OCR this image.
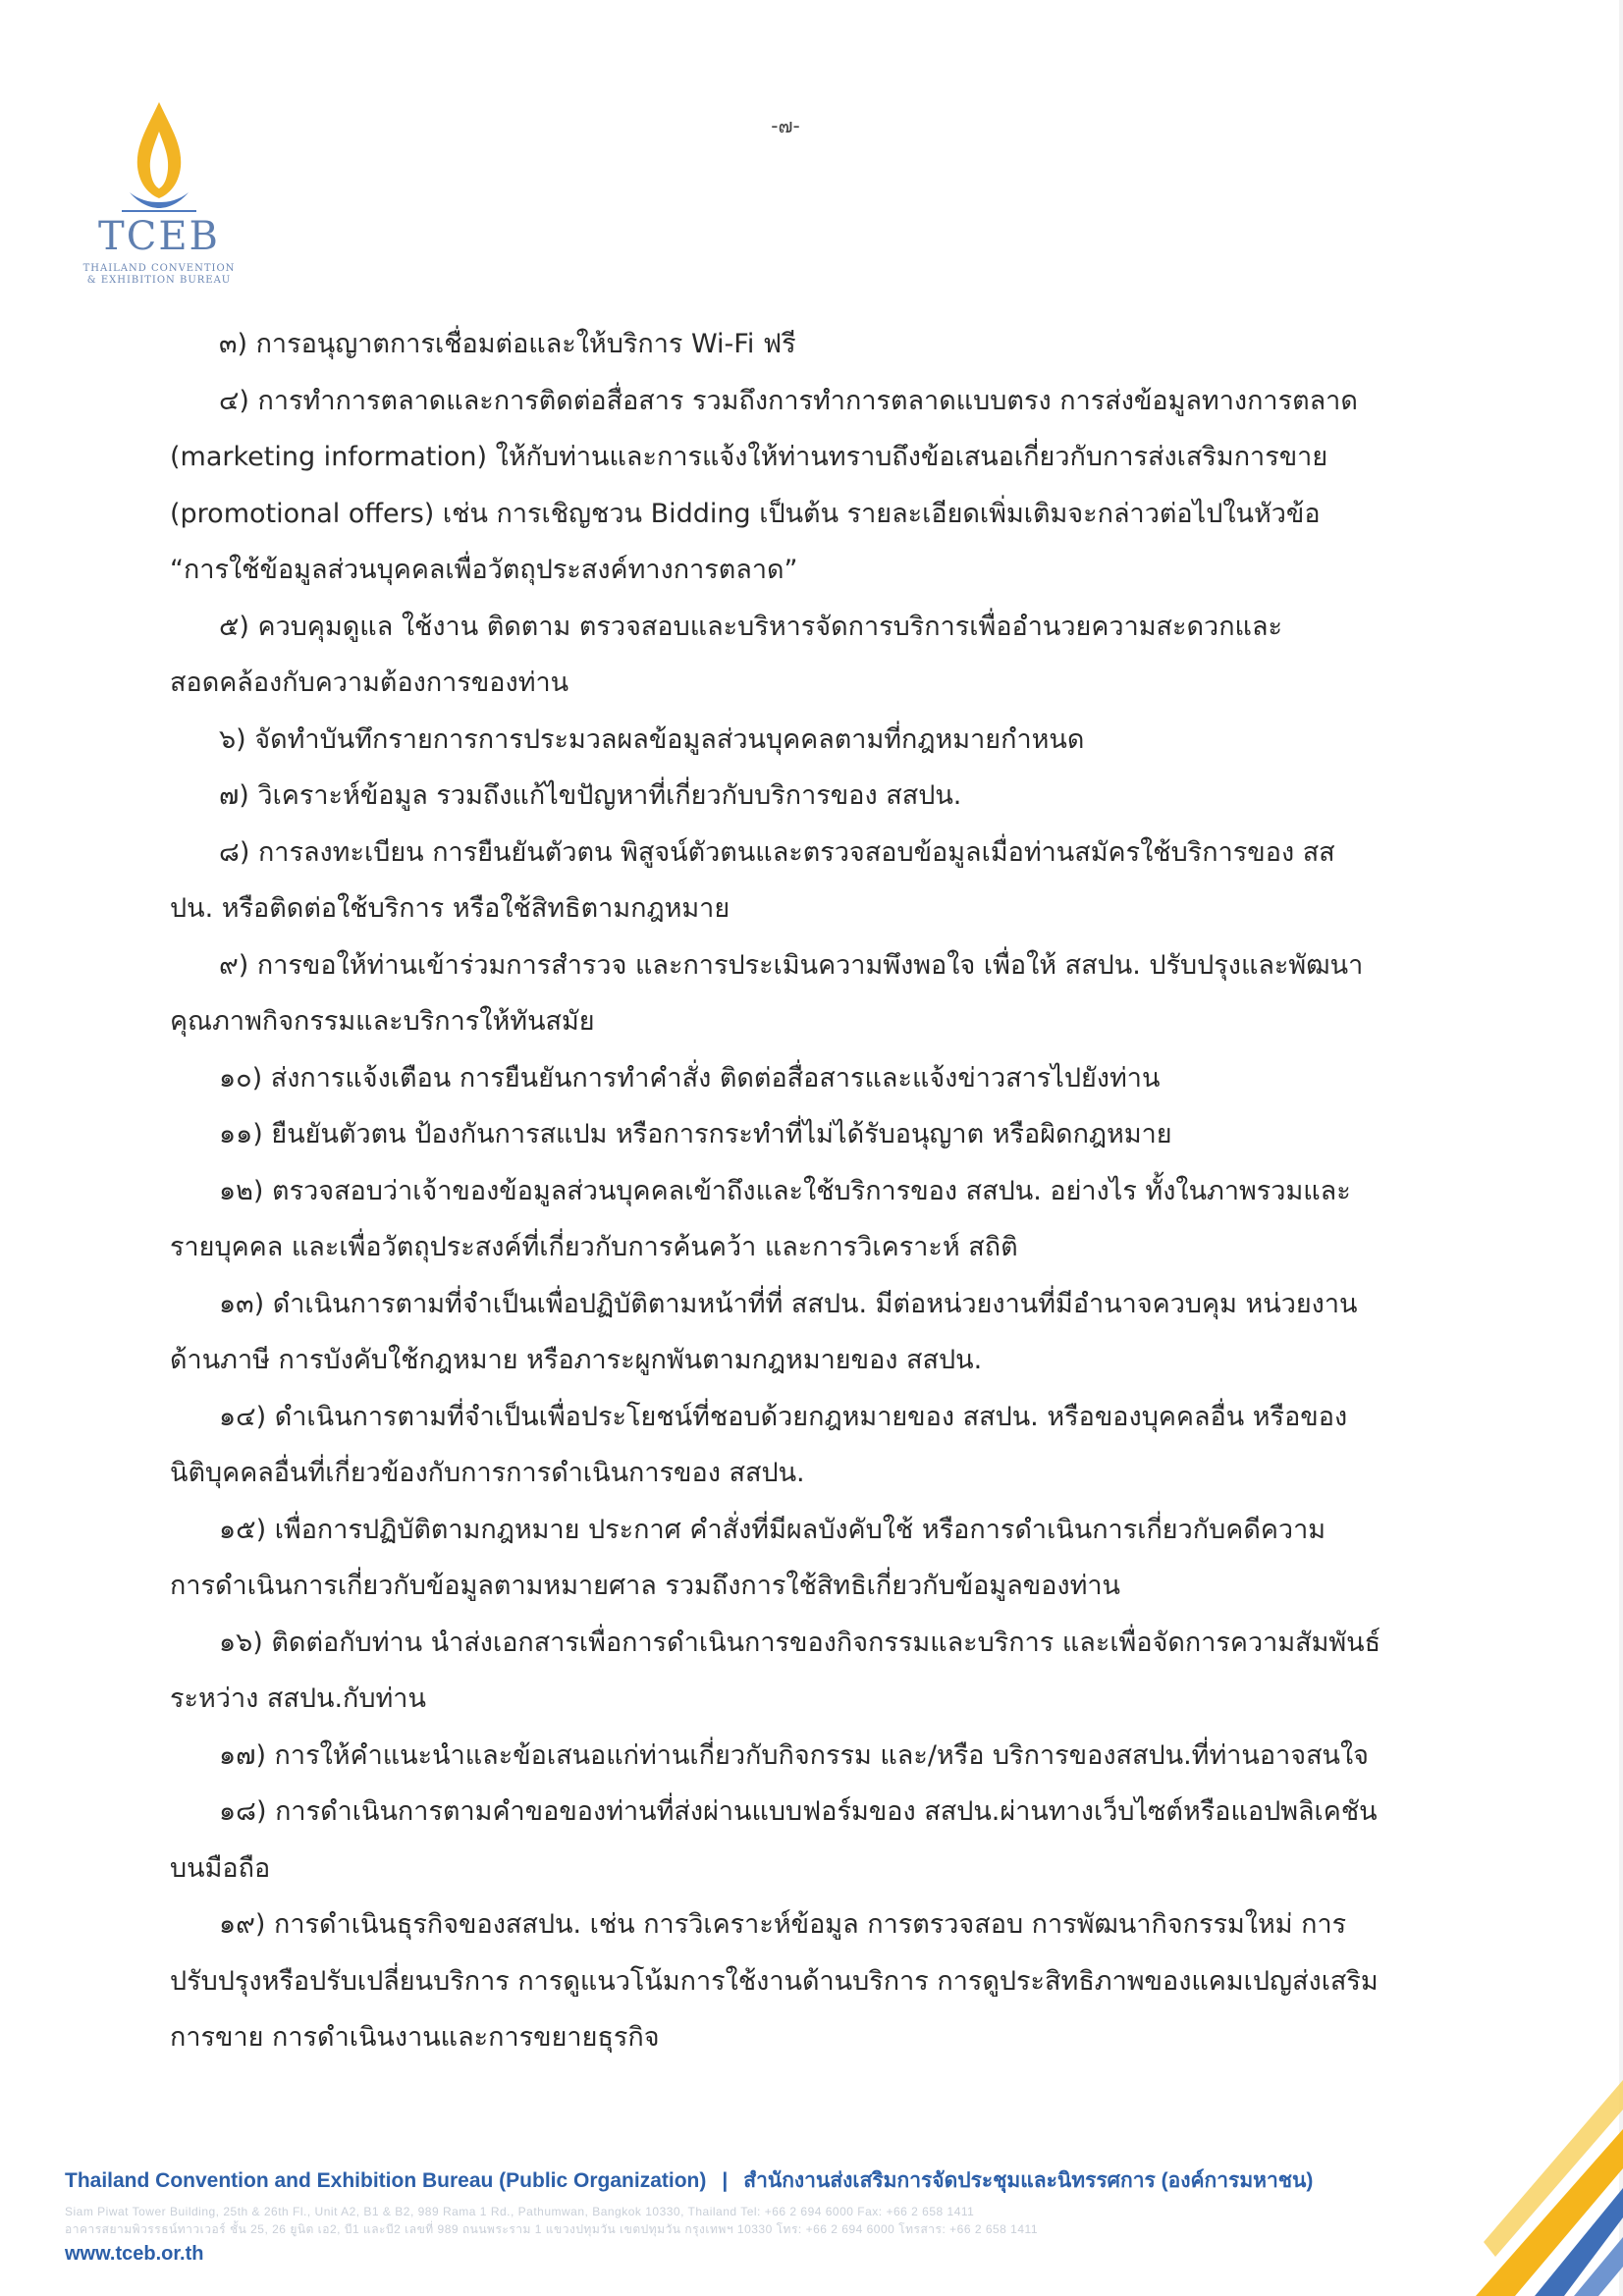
TCEB
THAILAND CONVENTION
& EXHIBITION BUREAU
-๗-
๓) การอนุญาตการเชื่อมต่อและให้บริการ Wi-Fi ฟรี
๔) การทำการตลาดและการติดต่อสื่อสาร รวมถึงการทำการตลาดแบบตรง การส่งข้อมูลทางการตลาด
(marketing information) ให้กับท่านและการแจ้งให้ท่านทราบถึงข้อเสนอเกี่ยวกับการส่งเสริมการขาย
(promotional offers) เช่น การเชิญชวน Bidding เป็นต้น รายละเอียดเพิ่มเติมจะกล่าวต่อไปในหัวข้อ
“การใช้ข้อมูลส่วนบุคคลเพื่อวัตถุประสงค์ทางการตลาด”
๕) ควบคุมดูแล ใช้งาน ติดตาม ตรวจสอบและบริหารจัดการบริการเพื่ออำนวยความสะดวกและ
สอดคล้องกับความต้องการของท่าน
๖) จัดทำบันทึกรายการการประมวลผลข้อมูลส่วนบุคคลตามที่กฎหมายกำหนด
๗) วิเคราะห์ข้อมูล รวมถึงแก้ไขปัญหาที่เกี่ยวกับบริการของ สสปน.
๘) การลงทะเบียน การยืนยันตัวตน พิสูจน์ตัวตนและตรวจสอบข้อมูลเมื่อท่านสมัครใช้บริการของ สส
ปน. หรือติดต่อใช้บริการ หรือใช้สิทธิตามกฎหมาย
๙) การขอให้ท่านเข้าร่วมการสำรวจ และการประเมินความพึงพอใจ เพื่อให้ สสปน. ปรับปรุงและพัฒนา
คุณภาพกิจกรรมและบริการให้ทันสมัย
๑๐) ส่งการแจ้งเตือน การยืนยันการทำคำสั่ง ติดต่อสื่อสารและแจ้งข่าวสารไปยังท่าน
๑๑) ยืนยันตัวตน ป้องกันการสแปม หรือการกระทำที่ไม่ได้รับอนุญาต หรือผิดกฎหมาย
๑๒) ตรวจสอบว่าเจ้าของข้อมูลส่วนบุคคลเข้าถึงและใช้บริการของ สสปน. อย่างไร ทั้งในภาพรวมและ
รายบุคคล และเพื่อวัตถุประสงค์ที่เกี่ยวกับการค้นคว้า และการวิเคราะห์ สถิติ
๑๓) ดำเนินการตามที่จำเป็นเพื่อปฏิบัติตามหน้าที่ที่ สสปน. มีต่อหน่วยงานที่มีอำนาจควบคุม หน่วยงาน
ด้านภาษี การบังคับใช้กฎหมาย หรือภาระผูกพันตามกฎหมายของ สสปน.
๑๔) ดำเนินการตามที่จำเป็นเพื่อประโยชน์ที่ชอบด้วยกฎหมายของ สสปน. หรือของบุคคลอื่น หรือของ
นิติบุคคลอื่นที่เกี่ยวข้องกับการการดำเนินการของ สสปน.
๑๕) เพื่อการปฏิบัติตามกฎหมาย ประกาศ คำสั่งที่มีผลบังคับใช้ หรือการดำเนินการเกี่ยวกับคดีความ
การดำเนินการเกี่ยวกับข้อมูลตามหมายศาล รวมถึงการใช้สิทธิเกี่ยวกับข้อมูลของท่าน
๑๖) ติดต่อกับท่าน นำส่งเอกสารเพื่อการดำเนินการของกิจกรรมและบริการ และเพื่อจัดการความสัมพันธ์
ระหว่าง สสปน.กับท่าน
๑๗) การให้คำแนะนำและข้อเสนอแก่ท่านเกี่ยวกับกิจกรรม และ/หรือ บริการของสสปน.ที่ท่านอาจสนใจ
๑๘) การดำเนินการตามคำขอของท่านที่ส่งผ่านแบบฟอร์มของ สสปน.ผ่านทางเว็บไซต์หรือแอปพลิเคชัน
บนมือถือ
๑๙) การดำเนินธุรกิจของสสปน. เช่น การวิเคราะห์ข้อมูล การตรวจสอบ การพัฒนากิจกรรมใหม่ การ
ปรับปรุงหรือปรับเปลี่ยนบริการ การดูแนวโน้มการใช้งานด้านบริการ การดูประสิทธิภาพของแคมเปญส่งเสริม
การขาย การดำเนินงานและการขยายธุรกิจ
Thailand Convention and Exhibition Bureau (Public Organization) | สำนักงานส่งเสริมการจัดประชุมและนิทรรศการ (องค์การมหาชน)
Siam Piwat Tower Building, 25th & 26th Fl., Unit A2, B1 & B2, 989 Rama 1 Rd., Pathumwan, Bangkok 10330, Thailand Tel: +66 2 694 6000 Fax: +66 2 658 1411
อาคารสยามพิวรรธน์ทาวเวอร์ ชั้น 25, 26 ยูนิต เอ2, บี1 และบี2 เลขที่ 989 ถนนพระราม 1 แขวงปทุมวัน เขตปทุมวัน กรุงเทพฯ 10330 โทร: +66 2 694 6000 โทรสาร: +66 2 658 1411
www.tceb.or.th
